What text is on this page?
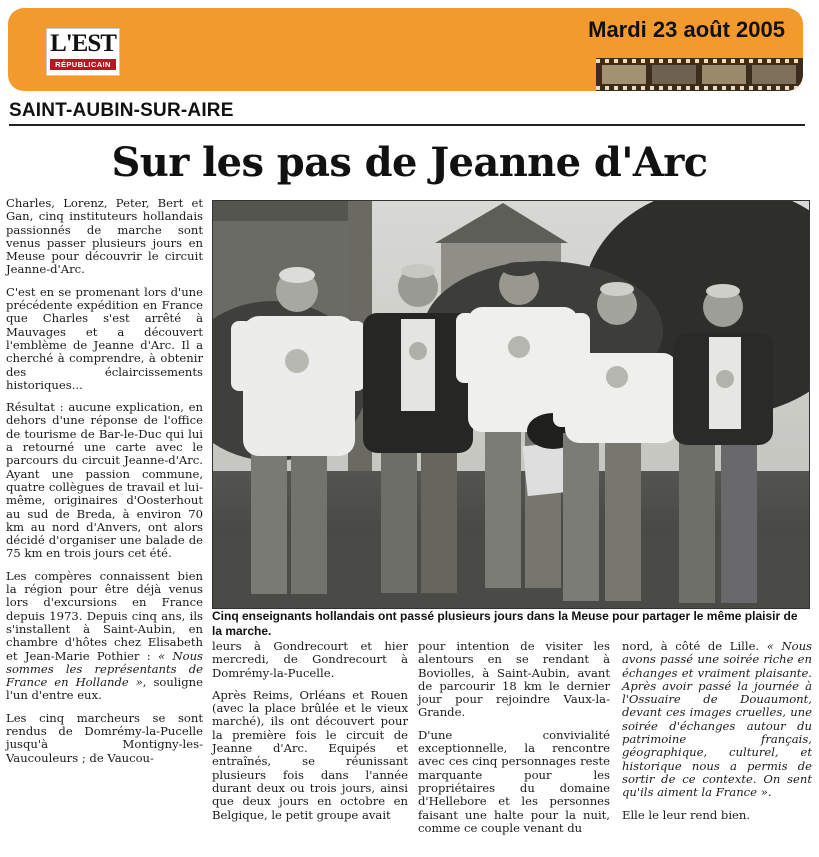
L'EST
RÉPUBLICAIN
Mardi 23 août 2005
SAINT-AUBIN-SUR-AIRE
Sur les pas de Jeanne d'Arc

Charles, Lorenz, Peter, Bert et Gan, cinq instituteurs hollandais passionnés de marche sont venus passer plusieurs jours en Meuse pour découvrir le circuit Jeanne-d'Arc.

C'est en se promenant lors d'une précédente expédition en France que Charles s'est arrêté à Mauvages et a découvert l'emblème de Jeanne d'Arc. Il a cherché à comprendre, à obtenir des éclaircissements historiques...

Résultat : aucune explication, en dehors d'une réponse de l'office de tourisme de Bar-le-Duc qui lui a retourné une carte avec le parcours du circuit Jeanne-d'Arc. Ayant une passion commune, quatre collègues de travail et lui-même, originaires d'Oosterhout au sud de Breda, à environ 70 km au nord d'Anvers, ont alors décidé d'organiser une balade de 75 km en trois jours cet été.

Les compères connaissent bien la région pour être déjà venus lors d'excursions en France depuis 1973. Depuis cinq ans, ils s'installent à Saint-Aubin, en chambre d'hôtes chez Elisabeth et Jean-Marie Pothier : « Nous sommes les représentants de France en Hollande », souligne l'un d'entre eux.

Les cinq marcheurs se sont rendus de Domrémy-la-Pucelle jusqu'à Montigny-les-Vaucouleurs ; de Vaucou-

Cinq enseignants hollandais ont passé plusieurs jours dans la Meuse pour partager le même plaisir de la marche.

leurs à Gondrecourt et hier mercredi, de Gondrecourt à Domrémy-la-Pucelle.

Après Reims, Orléans et Rouen (avec la place brûlée et le vieux marché), ils ont découvert pour la première fois le circuit de Jeanne d'Arc. Equipés et entraînés, se réunissant plusieurs fois dans l'année durant deux ou trois jours, ainsi que deux jours en octobre en Belgique, le petit groupe avait

pour intention de visiter les alentours en se rendant à Boviolles, à Saint-Aubin, avant de parcourir 18 km le dernier jour pour rejoindre Vaux-la-Grande.

D'une convivialité exceptionnelle, la rencontre avec ces cinq personnages reste marquante pour les propriétaires du domaine d'Hellebore et les personnes faisant une halte pour la nuit, comme ce couple venant du

nord, à côté de Lille. « Nous avons passé une soirée riche en échanges et vraiment plaisante. Après avoir passé la journée à l'Ossuaire de Douaumont, devant ces images cruelles, une soirée d'échanges autour du patrimoine français, géographique, culturel, et historique nous a permis de sortir de ce contexte. On sent qu'ils aiment la France ».

Elle le leur rend bien.
